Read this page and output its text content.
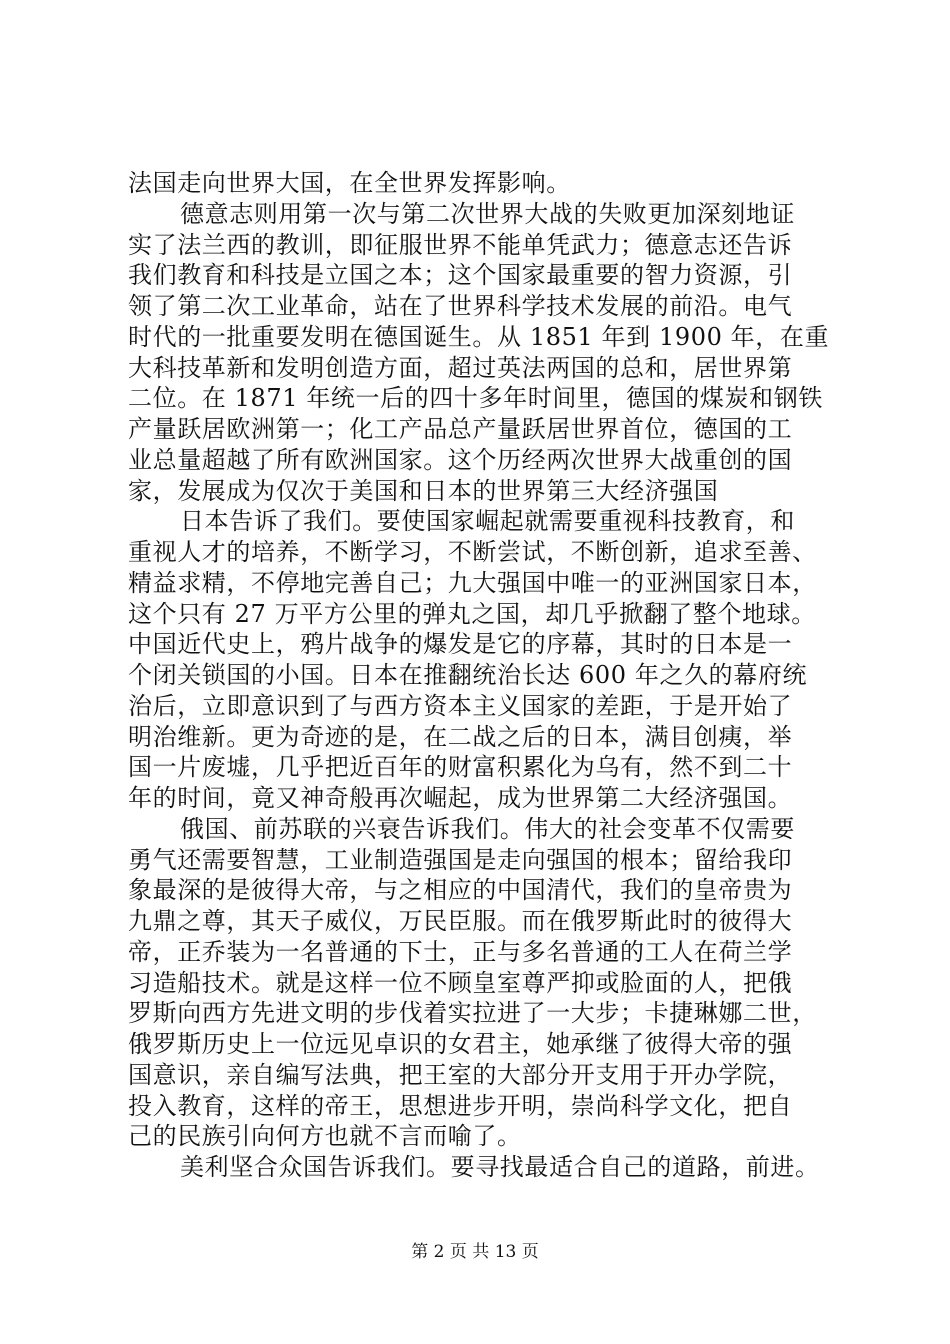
法国走向世界大国，在全世界发挥影响。
德意志则用第一次与第二次世界大战的失败更加深刻地证
实了法兰西的教训，即征服世界不能单凭武力；德意志还告诉
我们教育和科技是立国之本；这个国家最重要的智力资源，引
领了第二次工业革命，站在了世界科学技术发展的前沿。电气
时代的一批重要发明在德国诞生。从 1851 年到 1900 年，在重
大科技革新和发明创造方面，超过英法两国的总和，居世界第
二位。在 1871 年统一后的四十多年时间里，德国的煤炭和钢铁
产量跃居欧洲第一；化工产品总产量跃居世界首位，德国的工
业总量超越了所有欧洲国家。这个历经两次世界大战重创的国
家，发展成为仅次于美国和日本的世界第三大经济强国
日本告诉了我们。要使国家崛起就需要重视科技教育，和
重视人才的培养，不断学习，不断尝试，不断创新，追求至善、
精益求精，不停地完善自己；九大强国中唯一的亚洲国家日本，
这个只有 27 万平方公里的弹丸之国，却几乎掀翻了整个地球。
中国近代史上，鸦片战争的爆发是它的序幕，其时的日本是一
个闭关锁国的小国。日本在推翻统治长达 600 年之久的幕府统
治后，立即意识到了与西方资本主义国家的差距，于是开始了
明治维新。更为奇迹的是，在二战之后的日本，满目创痍，举
国一片废墟，几乎把近百年的财富积累化为乌有，然不到二十
年的时间，竟又神奇般再次崛起，成为世界第二大经济强国。
俄国、前苏联的兴衰告诉我们。伟大的社会变革不仅需要
勇气还需要智慧，工业制造强国是走向强国的根本；留给我印
象最深的是彼得大帝，与之相应的中国清代，我们的皇帝贵为
九鼎之尊，其天子威仪，万民臣服。而在俄罗斯此时的彼得大
帝，正乔装为一名普通的下士，正与多名普通的工人在荷兰学
习造船技术。就是这样一位不顾皇室尊严抑或脸面的人，把俄
罗斯向西方先进文明的步伐着实拉进了一大步；卡捷琳娜二世，
俄罗斯历史上一位远见卓识的女君主，她承继了彼得大帝的强
国意识，亲自编写法典，把王室的大部分开支用于开办学院，
投入教育，这样的帝王，思想进步开明，崇尚科学文化，把自
己的民族引向何方也就不言而喻了。
美利坚合众国告诉我们。要寻找最适合自己的道路，前进。
第 2 页 共 13 页
